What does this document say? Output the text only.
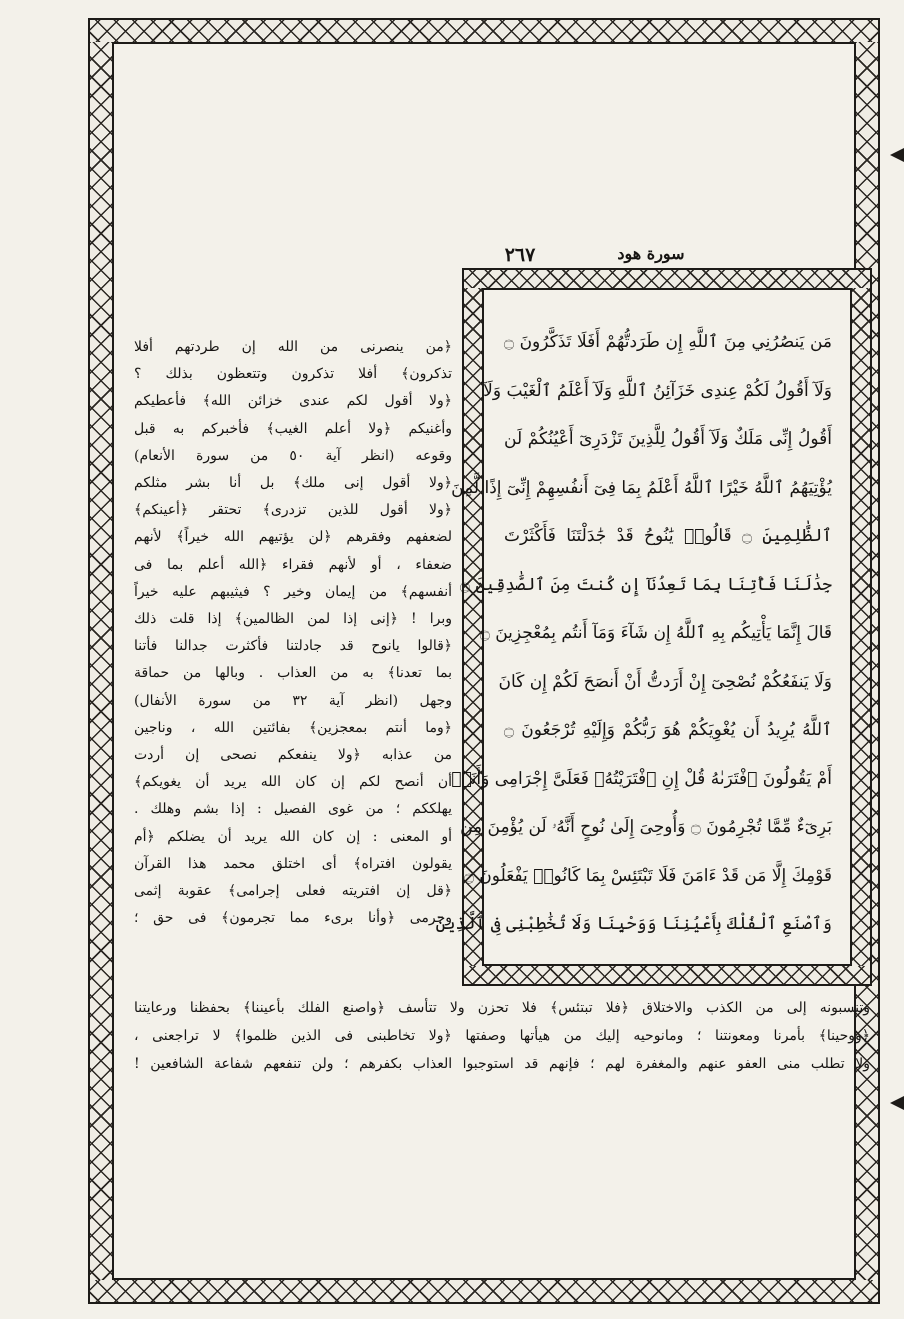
٢٦٧	سورة هود
مَن يَنصُرُنِي مِنَ ٱللَّهِ إِن طَرَدتُّهُمْ أَفَلَا تَذَكَّرُونَ ۝
وَلَآ أَقُولُ لَكُمْ عِندِى خَزَآئِنُ ٱللَّهِ وَلَآ أَعْلَمُ ٱلْغَيْبَ وَلَآ
أَقُولُ إِنِّى مَلَكٌ وَلَآ أَقُولُ لِلَّذِينَ تَزْدَرِىٓ أَعْيُنُكُمْ لَن
يُؤْتِيَهُمُ ٱللَّهُ خَيْرًا ٱللَّهُ أَعْلَمُ بِمَا فِىٓ أَنفُسِهِمْ إِنِّىٓ إِذًا لَّمِنَ
ٱلظَّٰلِمِينَ ۝ قَالُوا۟ يَٰنُوحُ قَدْ جَٰدَلْتَنَا فَأَكْثَرْتَ
جِدَٰلَنَا فَأْتِنَا بِمَا تَعِدُنَآ إِن كُنتَ مِنَ ٱلصَّٰدِقِينَ ۝
قَالَ إِنَّمَا يَأْتِيكُم بِهِ ٱللَّهُ إِن شَآءَ وَمَآ أَنتُم بِمُعْجِزِينَ ۝
وَلَا يَنفَعُكُمْ نُصْحِىٓ إِنْ أَرَدتُّ أَنْ أَنصَحَ لَكُمْ إِن كَانَ
ٱللَّهُ يُرِيدُ أَن يُغْوِيَكُمْ هُوَ رَبُّكُمْ وَإِلَيْهِ تُرْجَعُونَ ۝
أَمْ يَقُولُونَ ٱفْتَرَىٰهُ قُلْ إِنِ ٱفْتَرَيْتُهُۥ فَعَلَىَّ إِجْرَامِى وَأَنَا۠
بَرِىٓءٌ مِّمَّا تُجْرِمُونَ ۝ وَأُوحِىَ إِلَىٰ نُوحٍ أَنَّهُۥ لَن يُؤْمِنَ مِن
قَوْمِكَ إِلَّا مَن قَدْ ءَامَنَ فَلَا تَبْتَئِسْ بِمَا كَانُوا۟ يَفْعَلُونَ ۝
وَٱصْنَعِ ٱلْفُلْكَ بِأَعْيُنِنَا وَوَحْيِنَا وَلَا تُخَٰطِبْنِى فِى ٱلَّذِينَ
﴿من ينصرنى من الله إن طردتهم أفلا
تذكرون﴾ أفلا تذكرون وتتعظون بذلك ؟
﴿ولا أقول لكم عندى خزائن الله﴾ فأعطيكم
وأغنيكم ﴿ولا أعلم الغيب﴾ فأخبركم به قبل
وقوعه (انظر آية ٥٠ من سورة الأنعام)
﴿ولا أقول إنى ملك﴾ بل أنا بشر مثلكم
﴿ولا أقول للذين تزدرى﴾ تحتقر ﴿أعينكم﴾
لضعفهم وفقرهم ﴿لن يؤتيهم الله خيراً﴾ لأنهم
ضعفاء ، أو لأنهم فقراء ﴿الله أعلم بما فى
أنفسهم﴾ من إيمان وخير ؟ فيثيبهم عليه خيراً
وبرا ! ﴿إنى إذا لمن الظالمين﴾ إذا قلت ذلك
﴿قالوا يانوح قد جادلتنا فأكثرت جدالنا فأتنا
بما تعدنا﴾ به من العذاب . وبالها من حماقة
وجهل (انظر آية ٣٢ من سورة الأنفال)
﴿وما أنتم بمعجزين﴾ بفائتين الله ، وناجين
من عذابه ﴿ولا ينفعكم نصحى إن أردت
أن أنصح لكم إن كان الله يريد أن يغويكم﴾
يهلككم ؛ من غوى الفصيل : إذا بشم وهلك .
أو المعنى : إن كان الله يريد أن يضلكم ﴿أم
يقولون افتراه﴾ أى اختلق محمد هذا القرآن
﴿قل إن افتريته فعلى إجرامى﴾ عقوبة إثمى
وجرمى ﴿وأنا برىء مما تجرمون﴾ فى حق ؛
وتنسبونه إلى من الكذب والاختلاق ﴿فلا تبتئس﴾ فلا تحزن ولا تتأسف ﴿واصنع الفلك بأعيننا﴾ بحفظنا ورعايتنا
﴿ووحينا﴾ بأمرنا ومعونتنا ؛ ومانوحيه إليك من هيأتها وصفتها ﴿ولا تخاطبنى فى الذين ظلموا﴾ لا تراجعنى ،
ولا تطلب منى العفو عنهم والمغفرة لهم ؛ فإنهم قد استوجبوا العذاب بكفرهم ؛ ولن تنفعهم شفاعة الشافعين !
